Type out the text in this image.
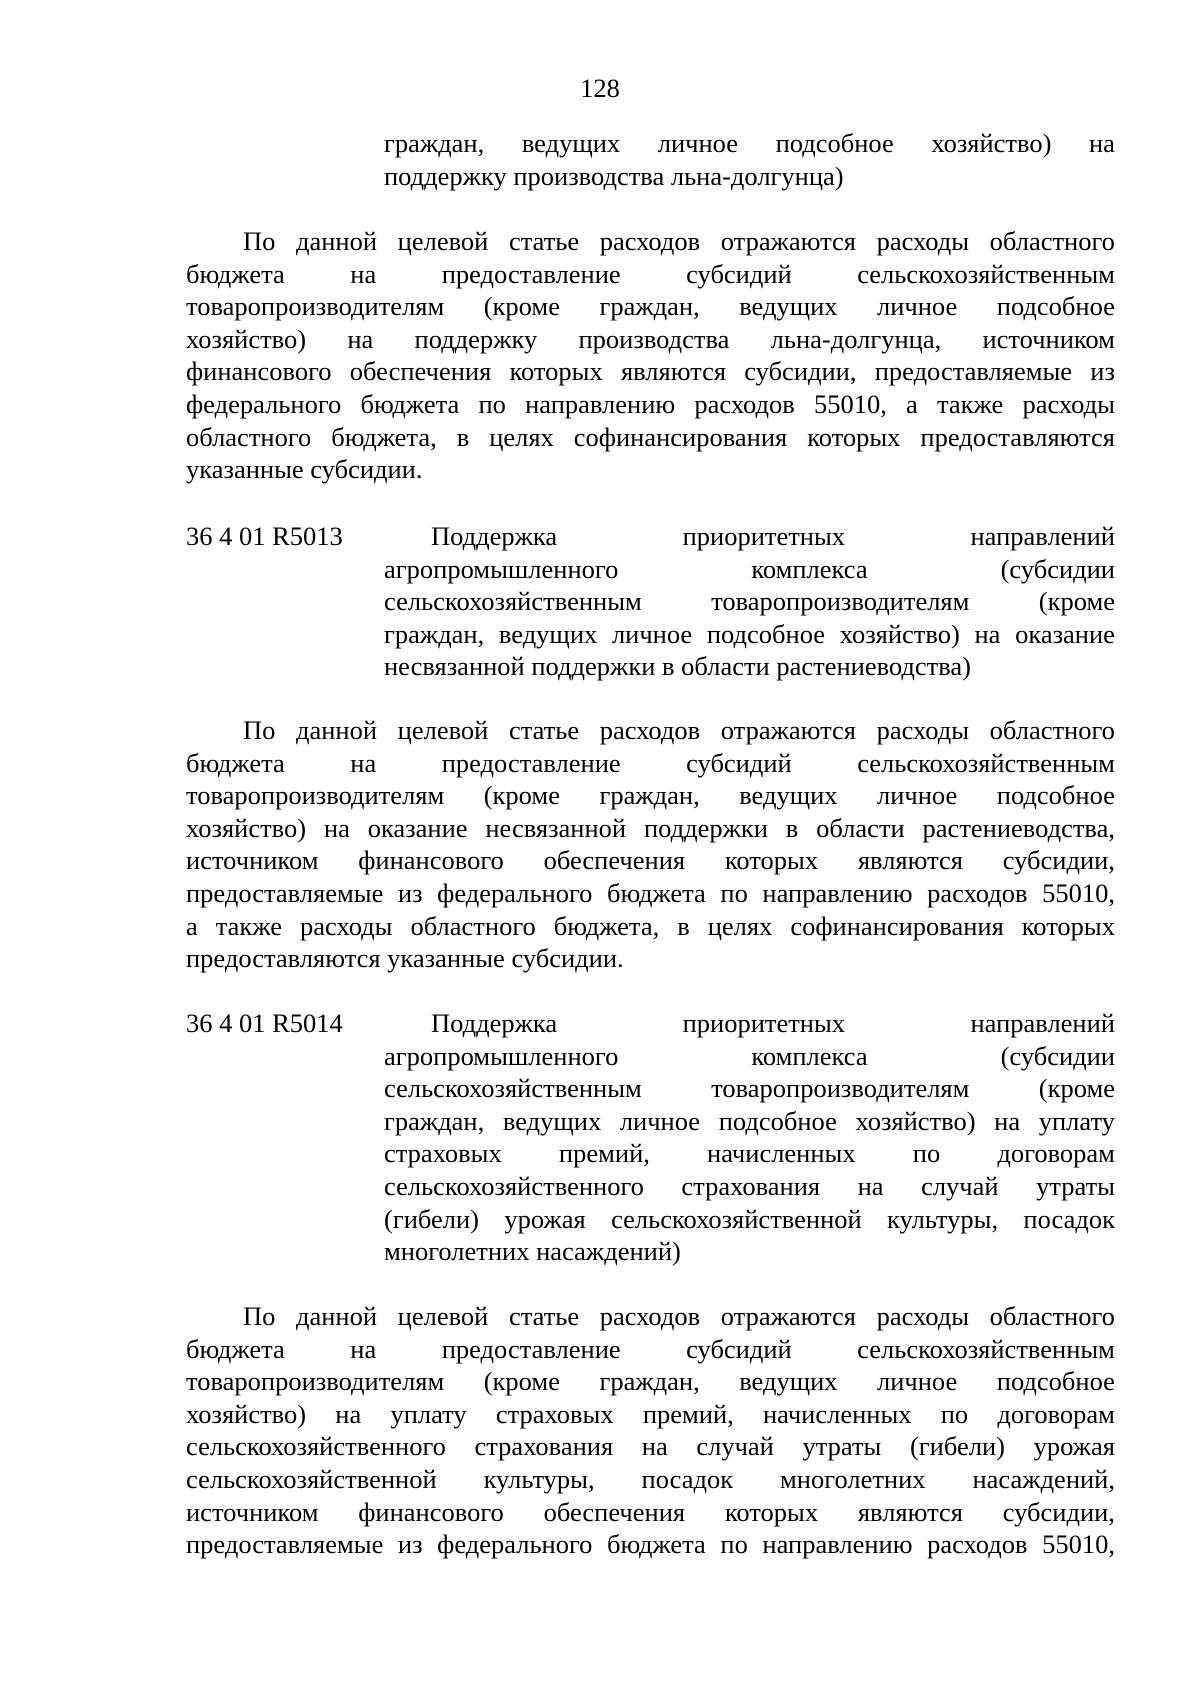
128
граждан, ведущих личное подсобное хозяйство) на
поддержку производства льна-долгунца)
По данной целевой статье расходов отражаются расходы областного
бюджета на предоставление субсидий сельскохозяйственным
товаропроизводителям (кроме граждан, ведущих личное подсобное
хозяйство) на поддержку производства льна-долгунца, источником
финансового обеспечения которых являются субсидии, предоставляемые из
федерального бюджета по направлению расходов 55010, а также расходы
областного бюджета, в целях софинансирования которых предоставляются
указанные субсидии.
36 4 01 R5013	Поддержка	приоритетных	направлений
агропромышленного	комплекса	(субсидии
сельскохозяйственным	товаропроизводителям	(кроме
граждан, ведущих личное подсобное хозяйство) на оказание
несвязанной поддержки в области растениеводства)
По данной целевой статье расходов отражаются расходы областного
бюджета на предоставление субсидий сельскохозяйственным
товаропроизводителям (кроме граждан, ведущих личное подсобное
хозяйство) на оказание несвязанной поддержки в области растениеводства,
источником финансового обеспечения которых являются субсидии,
предоставляемые из федерального бюджета по направлению расходов 55010,
а также расходы областного бюджета, в целях софинансирования которых
предоставляются указанные субсидии.
36 4 01 R5014	Поддержка	приоритетных	направлений
агропромышленного	комплекса	(субсидии
сельскохозяйственным	товаропроизводителям	(кроме
граждан, ведущих личное подсобное хозяйство) на уплату
страховых премий, начисленных по договорам
сельскохозяйственного страхования на случай утраты
(гибели) урожая сельскохозяйственной культуры, посадок
многолетних насаждений)
По данной целевой статье расходов отражаются расходы областного
бюджета на предоставление субсидий сельскохозяйственным
товаропроизводителям (кроме граждан, ведущих личное подсобное
хозяйство) на уплату страховых премий, начисленных по договорам
сельскохозяйственного страхования на случай утраты (гибели) урожая
сельскохозяйственной культуры, посадок многолетних насаждений,
источником финансового обеспечения которых являются субсидии,
предоставляемые из федерального бюджета по направлению расходов 55010,
